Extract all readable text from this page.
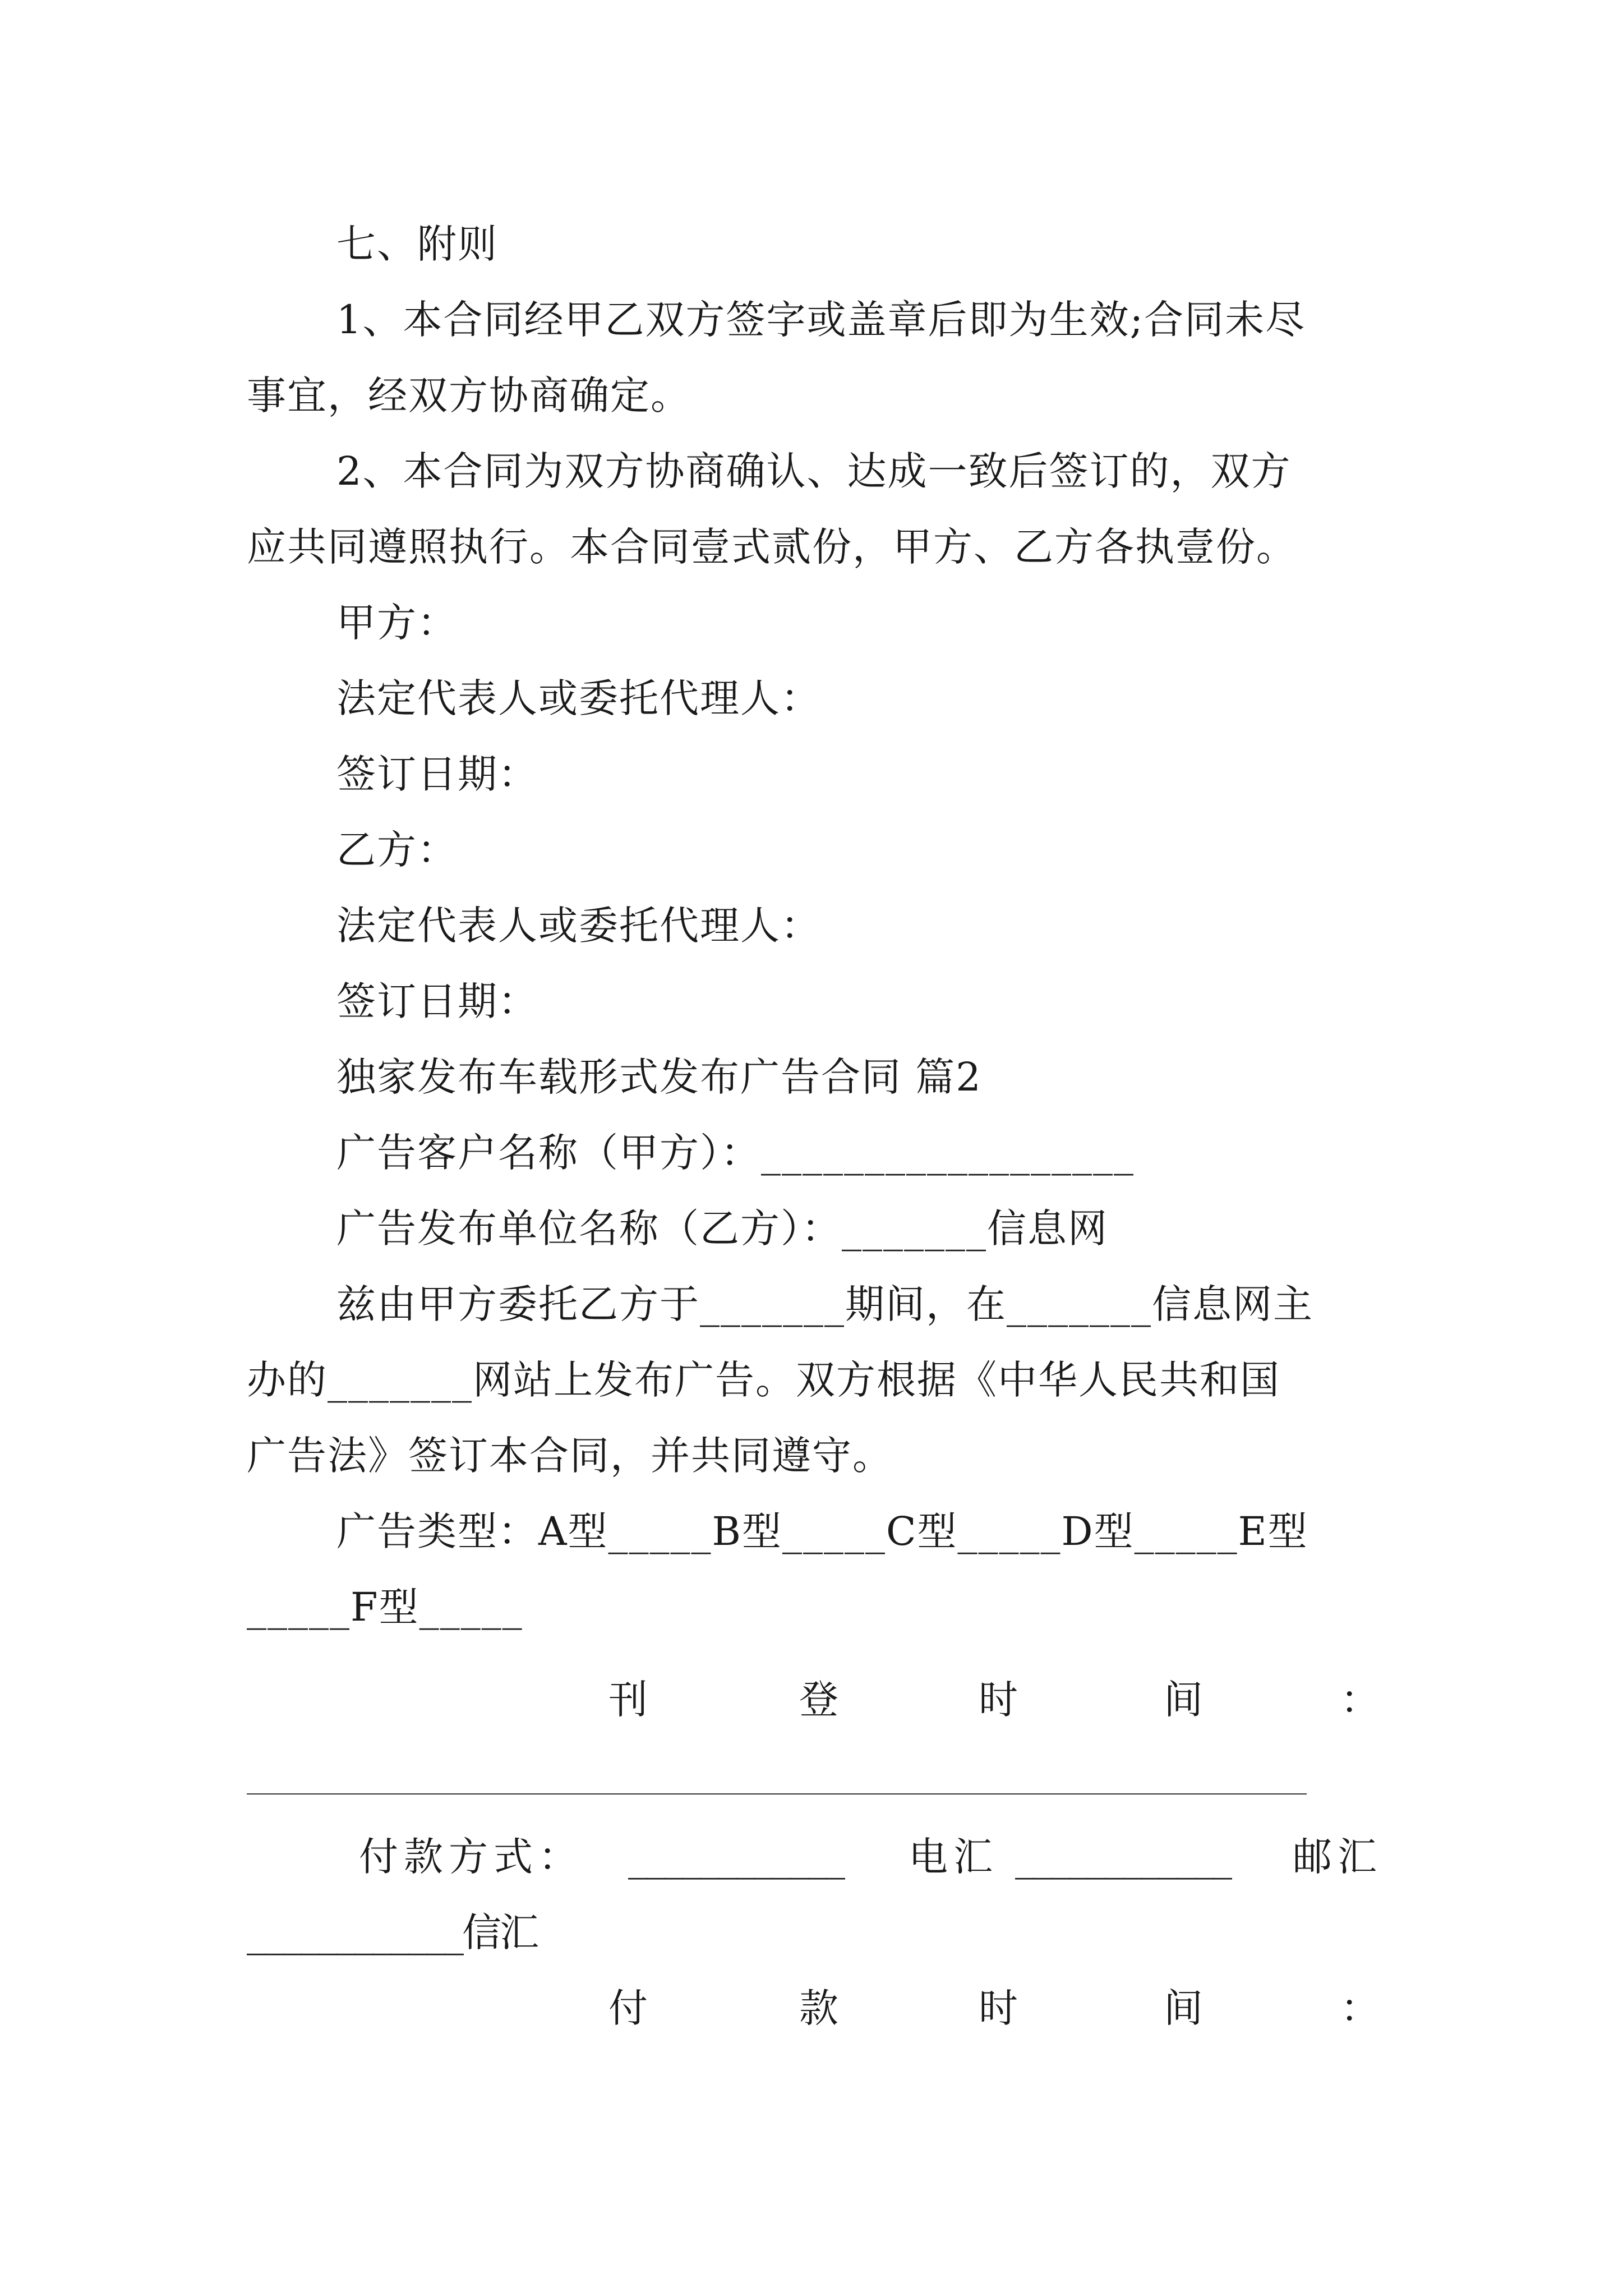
七、附则
1、本合同经甲乙双方签字或盖章后即为生效;合同未尽
事宜，经双方协商确定。
2、本合同为双方协商确认、达成一致后签订的，双方
应共同遵照执行。本合同壹式贰份，甲方、乙方各执壹份。
甲方：
法定代表人或委托代理人：
签订日期：
乙方：
法定代表人或委托代理人：
签订日期：
独家发布车载形式发布广告合同 篇2
广告客户名称（甲方）：__________________
广告发布单位名称（乙方）：_______信息网
兹由甲方委托乙方于_______期间，在_______信息网主
办的_______网站上发布广告。双方根据《中华人民共和国
广告法》签订本合同，并共同遵守。
广告类型：A型_____B型_____C型_____D型_____E型
_____F型_____
刊	登	时	间	：
付 款 方 式 ： ____________ 电 汇 ____________ 邮 汇
____________信汇
付	款	时	间	：
